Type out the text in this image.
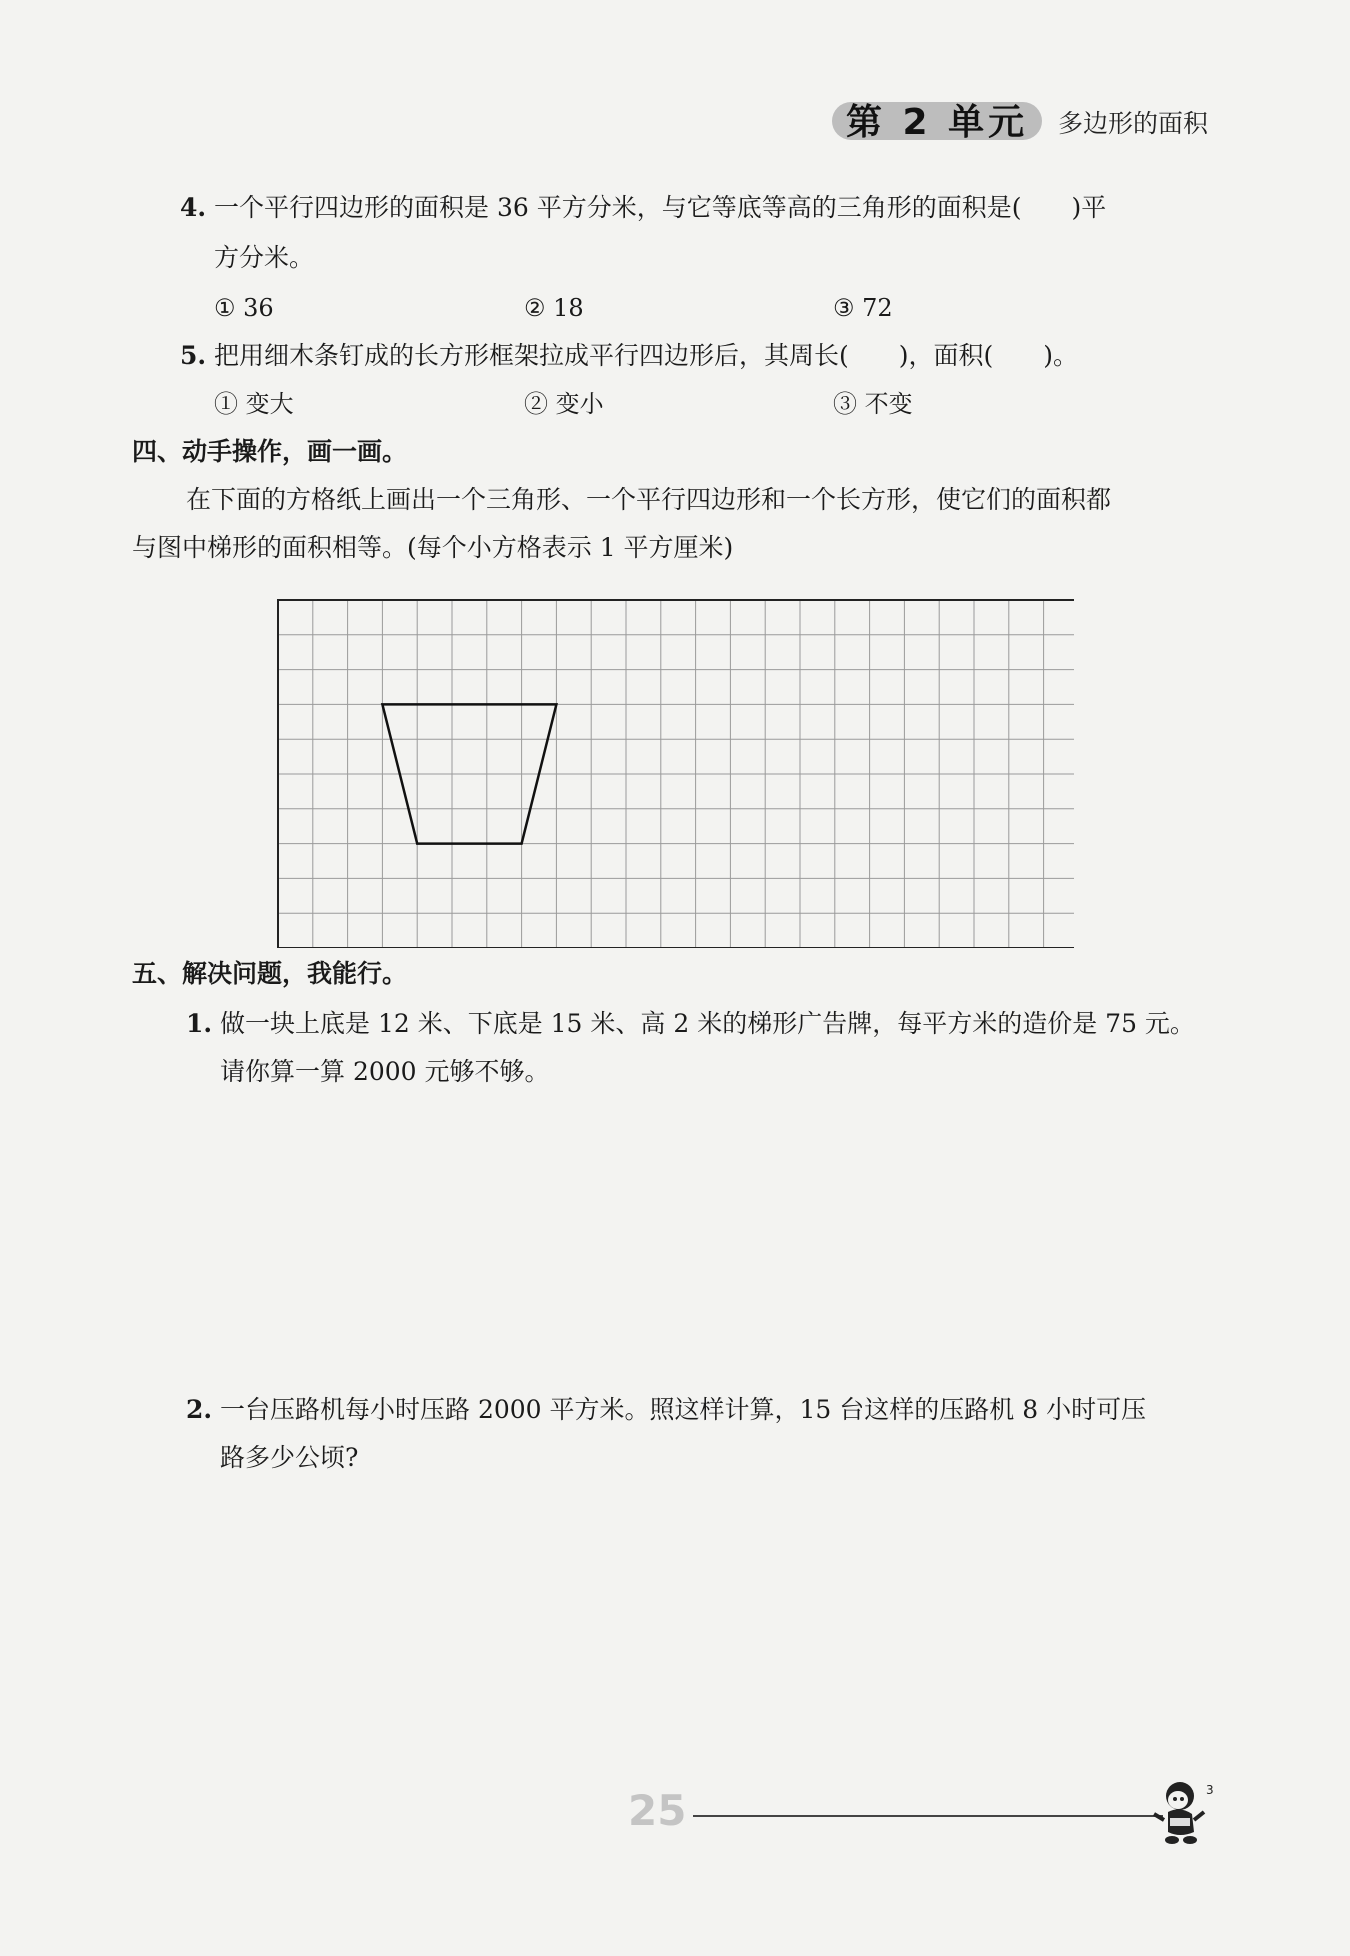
第 2 单元 多边形的面积
4. 一个平行四边形的面积是 36 平方分米，与它等底等高的三角形的面积是(　　)平
方分米。
① 36	② 18	③ 72
5. 把用细木条钉成的长方形框架拉成平行四边形后，其周长(　　)，面积(　　)。
① 变大	② 变小	③ 不变
四、动手操作，画一画。
在下面的方格纸上画出一个三角形、一个平行四边形和一个长方形，使它们的面积都
与图中梯形的面积相等。(每个小方格表示 1 平方厘米)
五、解决问题，我能行。
1. 做一块上底是 12 米、下底是 15 米、高 2 米的梯形广告牌，每平方米的造价是 75 元。
请你算一算 2000 元够不够。
2. 一台压路机每小时压路 2000 平方米。照这样计算，15 台这样的压路机 8 小时可压
路多少公顷?
25	3
